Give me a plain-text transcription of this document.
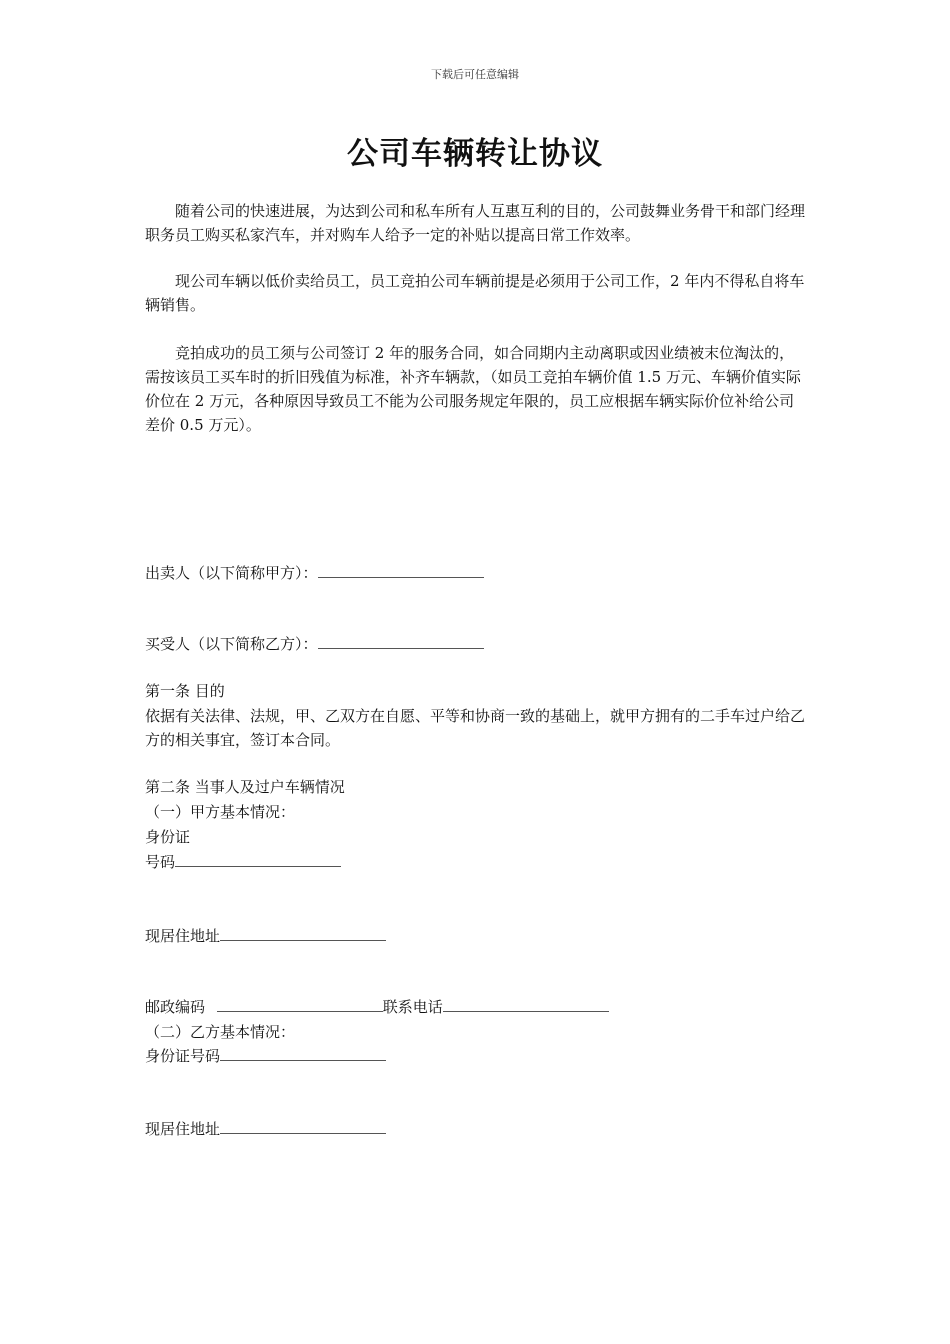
下载后可任意编辑
公司车辆转让协议

随着公司的快速进展，为达到公司和私车所有人互惠互利的目的，公司鼓舞业务骨干和部门经理职务员工购买私家汽车，并对购车人给予一定的补贴以提高日常工作效率。

现公司车辆以低价卖给员工，员工竞拍公司车辆前提是必须用于公司工作，2 年内不得私自将车辆销售。

竞拍成功的员工须与公司签订 2 年的服务合同，如合同期内主动离职或因业绩被末位淘汰的，需按该员工买车时的折旧残值为标准，补齐车辆款，（如员工竞拍车辆价值 1.5 万元、车辆价值实际价位在 2 万元，各种原因导致员工不能为公司服务规定年限的，员工应根据车辆实际价位补给公司差价 0.5 万元）。

出卖人（以下简称甲方）：
买受人（以下简称乙方）：
第一条 目的

依据有关法律、法规，甲、乙双方在自愿、平等和协商一致的基础上，就甲方拥有的二手车过户给乙方的相关事宜，签订本合同。

第二条 当事人及过户车辆情况
（一）甲方基本情况：
身份证
号码
现居住地址
邮政编码	联系电话
（二）乙方基本情况：
身份证号码
现居住地址
